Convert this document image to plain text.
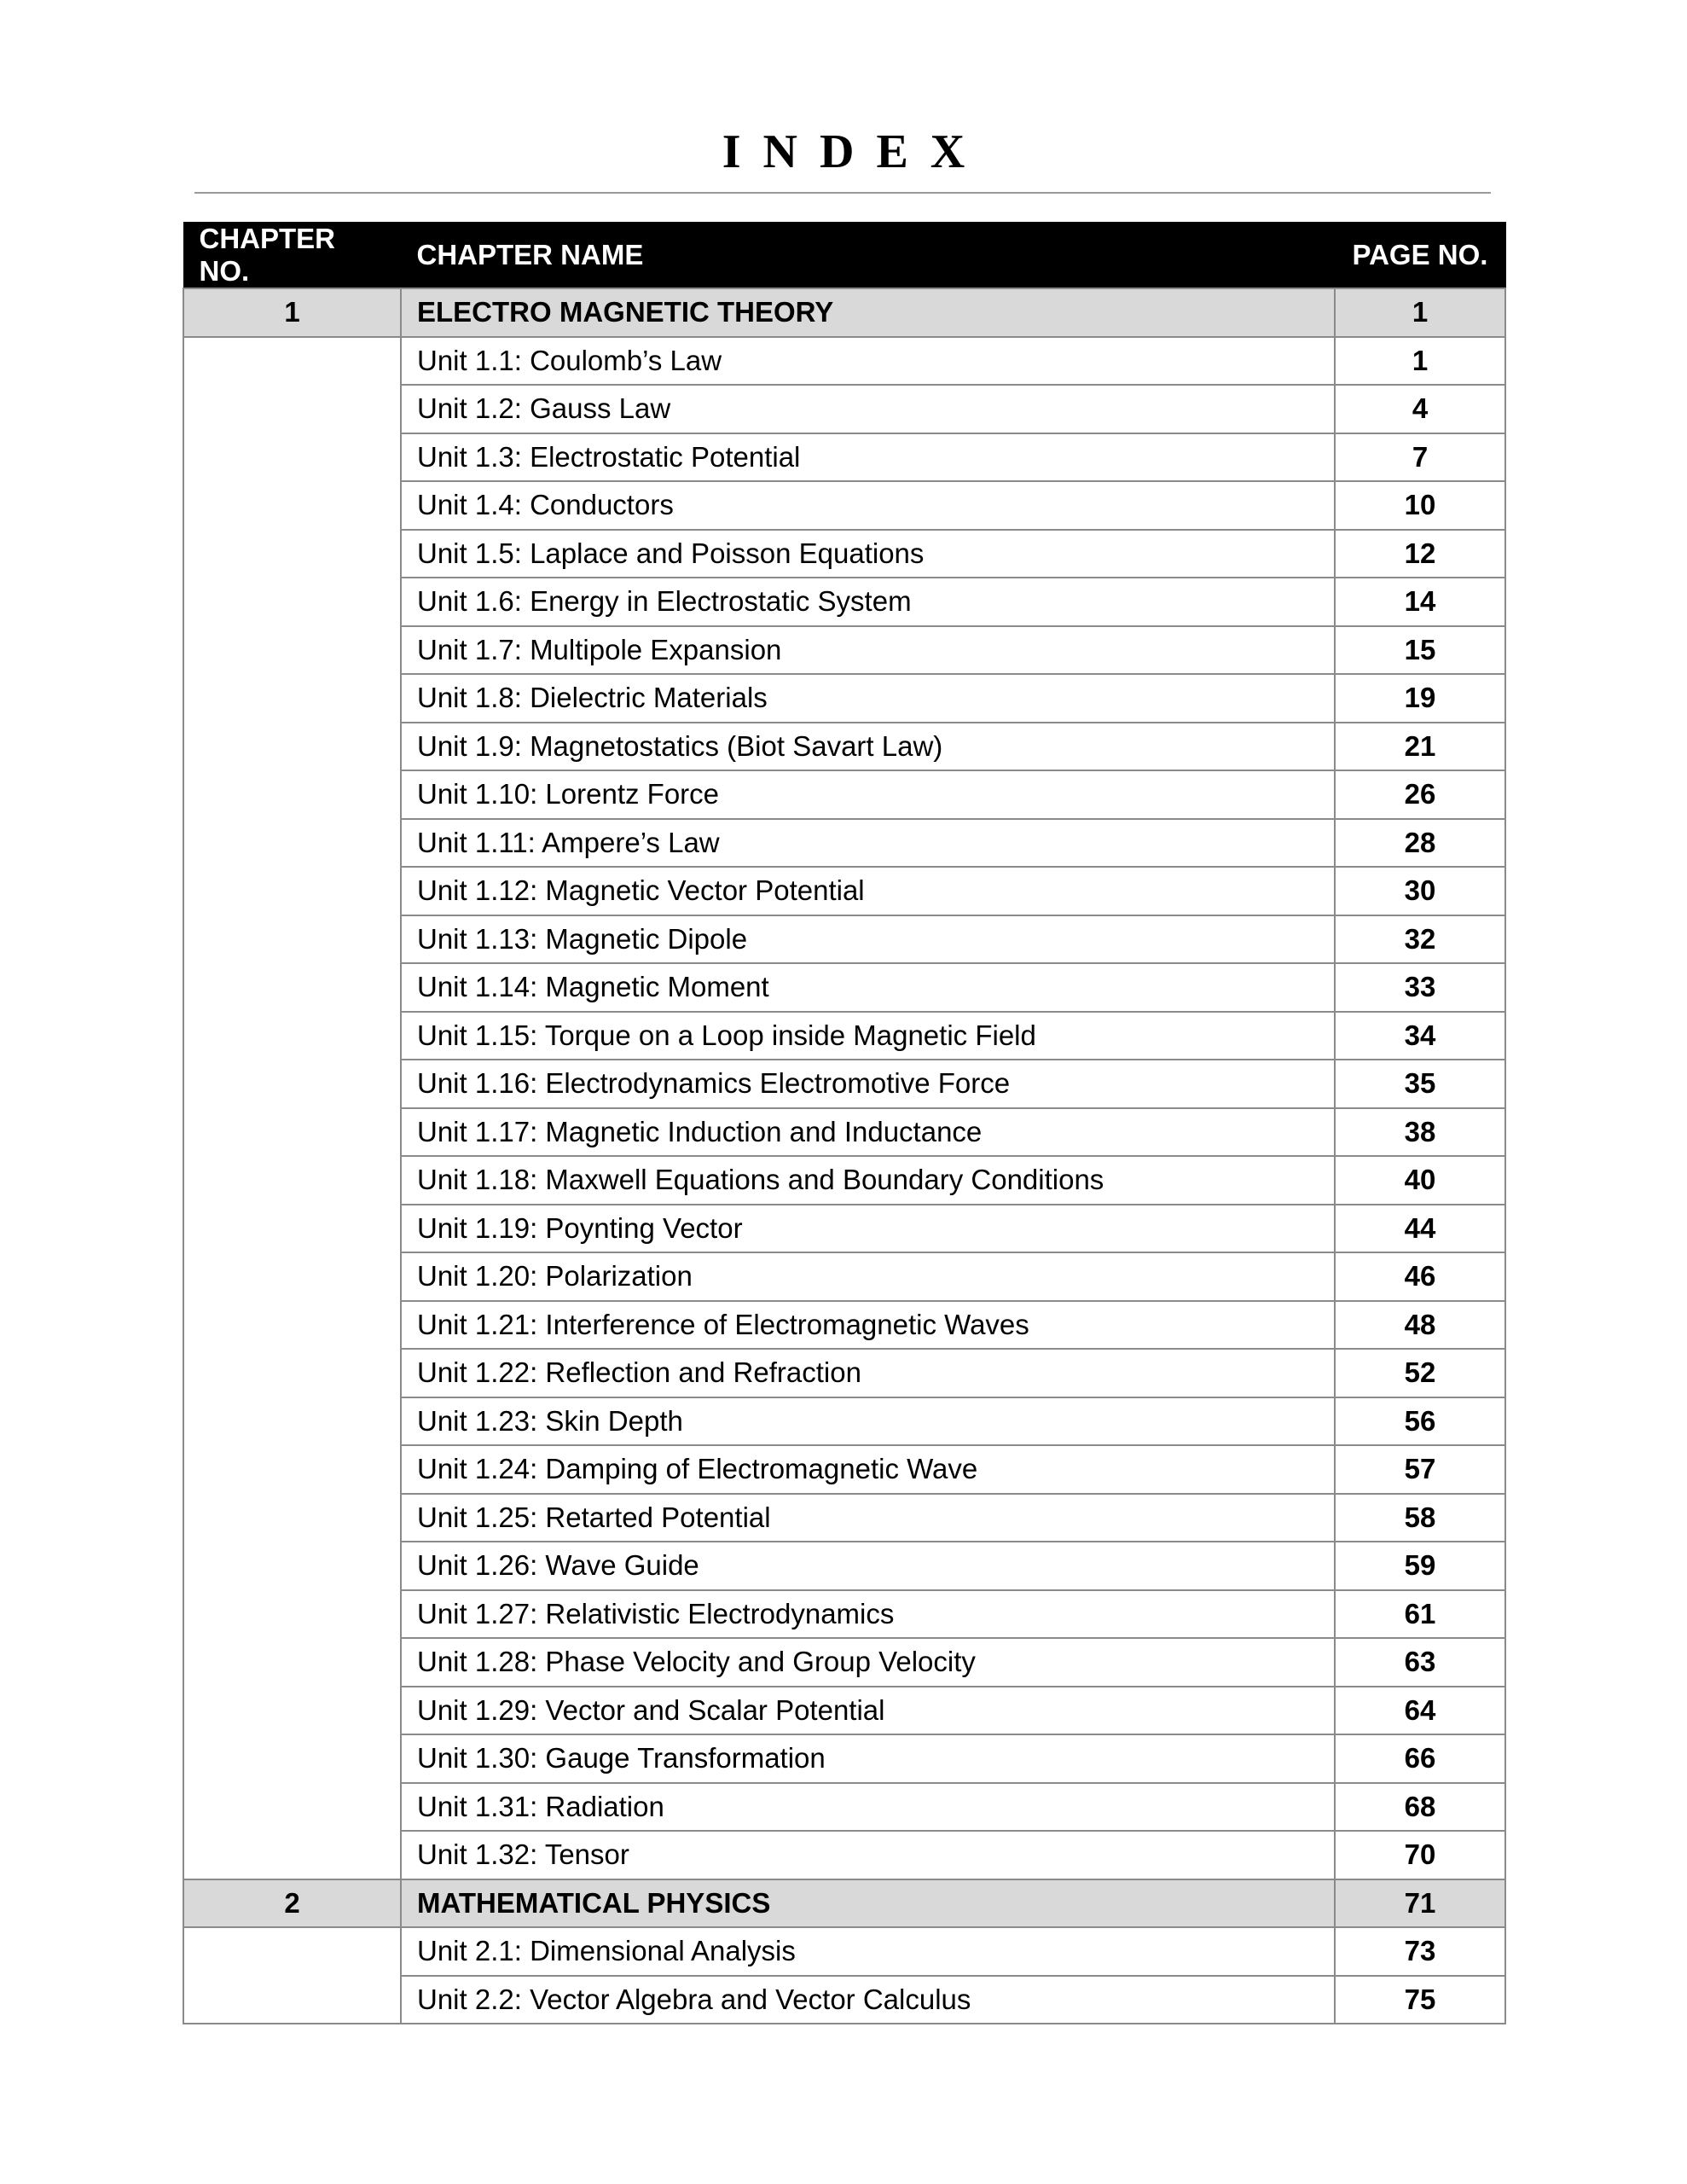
INDEX
CHAPTER NO.	CHAPTER NAME	PAGE NO.
1	ELECTRO MAGNETIC THEORY	1
	Unit 1.1: Coulomb’s Law	1
	Unit 1.2: Gauss Law	4
	Unit 1.3: Electrostatic Potential	7
	Unit 1.4: Conductors	10
	Unit 1.5: Laplace and Poisson Equations	12
	Unit 1.6: Energy in Electrostatic System	14
	Unit 1.7: Multipole Expansion	15
	Unit 1.8: Dielectric Materials	19
	Unit 1.9: Magnetostatics (Biot Savart Law)	21
	Unit 1.10: Lorentz Force	26
	Unit 1.11: Ampere’s Law	28
	Unit 1.12: Magnetic Vector Potential	30
	Unit 1.13: Magnetic Dipole	32
	Unit 1.14: Magnetic Moment	33
	Unit 1.15: Torque on a Loop inside Magnetic Field	34
	Unit 1.16: Electrodynamics Electromotive Force	35
	Unit 1.17: Magnetic Induction and Inductance	38
	Unit 1.18: Maxwell Equations and Boundary Conditions	40
	Unit 1.19: Poynting Vector	44
	Unit 1.20: Polarization	46
	Unit 1.21: Interference of Electromagnetic Waves	48
	Unit 1.22: Reflection and Refraction	52
	Unit 1.23: Skin Depth	56
	Unit 1.24: Damping of Electromagnetic Wave	57
	Unit 1.25: Retarted Potential	58
	Unit 1.26: Wave Guide	59
	Unit 1.27: Relativistic Electrodynamics	61
	Unit 1.28: Phase Velocity and Group Velocity	63
	Unit 1.29: Vector and Scalar Potential	64
	Unit 1.30: Gauge Transformation	66
	Unit 1.31: Radiation	68
	Unit 1.32: Tensor	70
2	MATHEMATICAL PHYSICS	71
	Unit 2.1: Dimensional Analysis	73
	Unit 2.2: Vector Algebra and Vector Calculus	75
